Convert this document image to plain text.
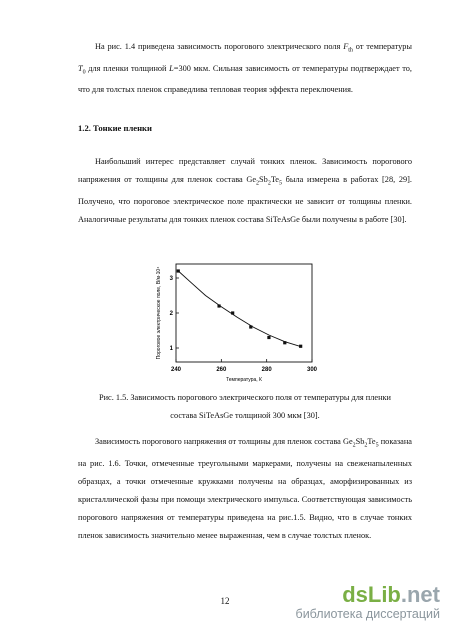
На рис. 1.4 приведена зависимость порогового электрического поля $F_{th}$ от температуры $T_0$ для пленки толщиной L=300 мкм. Сильная зависимость от температуры подтверждает то, что для толстых пленок справедлива тепловая теория эффекта переключения.

1.2. Тонкие пленки

Наибольший интерес представляет случай тонких пленок. Зависимость порогового напряжения от толщины для пленок состава $Ge_2Sb_2Te_5$ была измерена в работах [28, 29]. Получено, что пороговое электрическое поле практически не зависит от толщины пленки. Аналогичные результаты для тонких пленок состава SiTeAsGe были получены в работе [30].

240	260	280	300
1
2
3
Температура, К
Пороговое электрическое поле, В/м·10⁴
Рис. 1.5. Зависимость порогового электрического поля от температуры для пленки
состава SiTeAsGe толщиной 300 мкм [30].

Зависимость порогового напряжения от толщины для пленок состава $Ge_2Sb_2Te_5$ показана на рис. 1.6. Точки, отмеченные треугольными маркерами, получены на свеженапыленных образцах, а точки отмеченные кружками получены на образцах, аморфизированных из кристаллической фазы при помощи электрического импульса. Соответствующая зависимость порогового напряжения от температуры приведена на рис.1.5. Видно, что в случае тонких пленок зависимость значительно менее выраженная, чем в случае толстых пленок.

12	dsLib.net
библиотека диссертаций
